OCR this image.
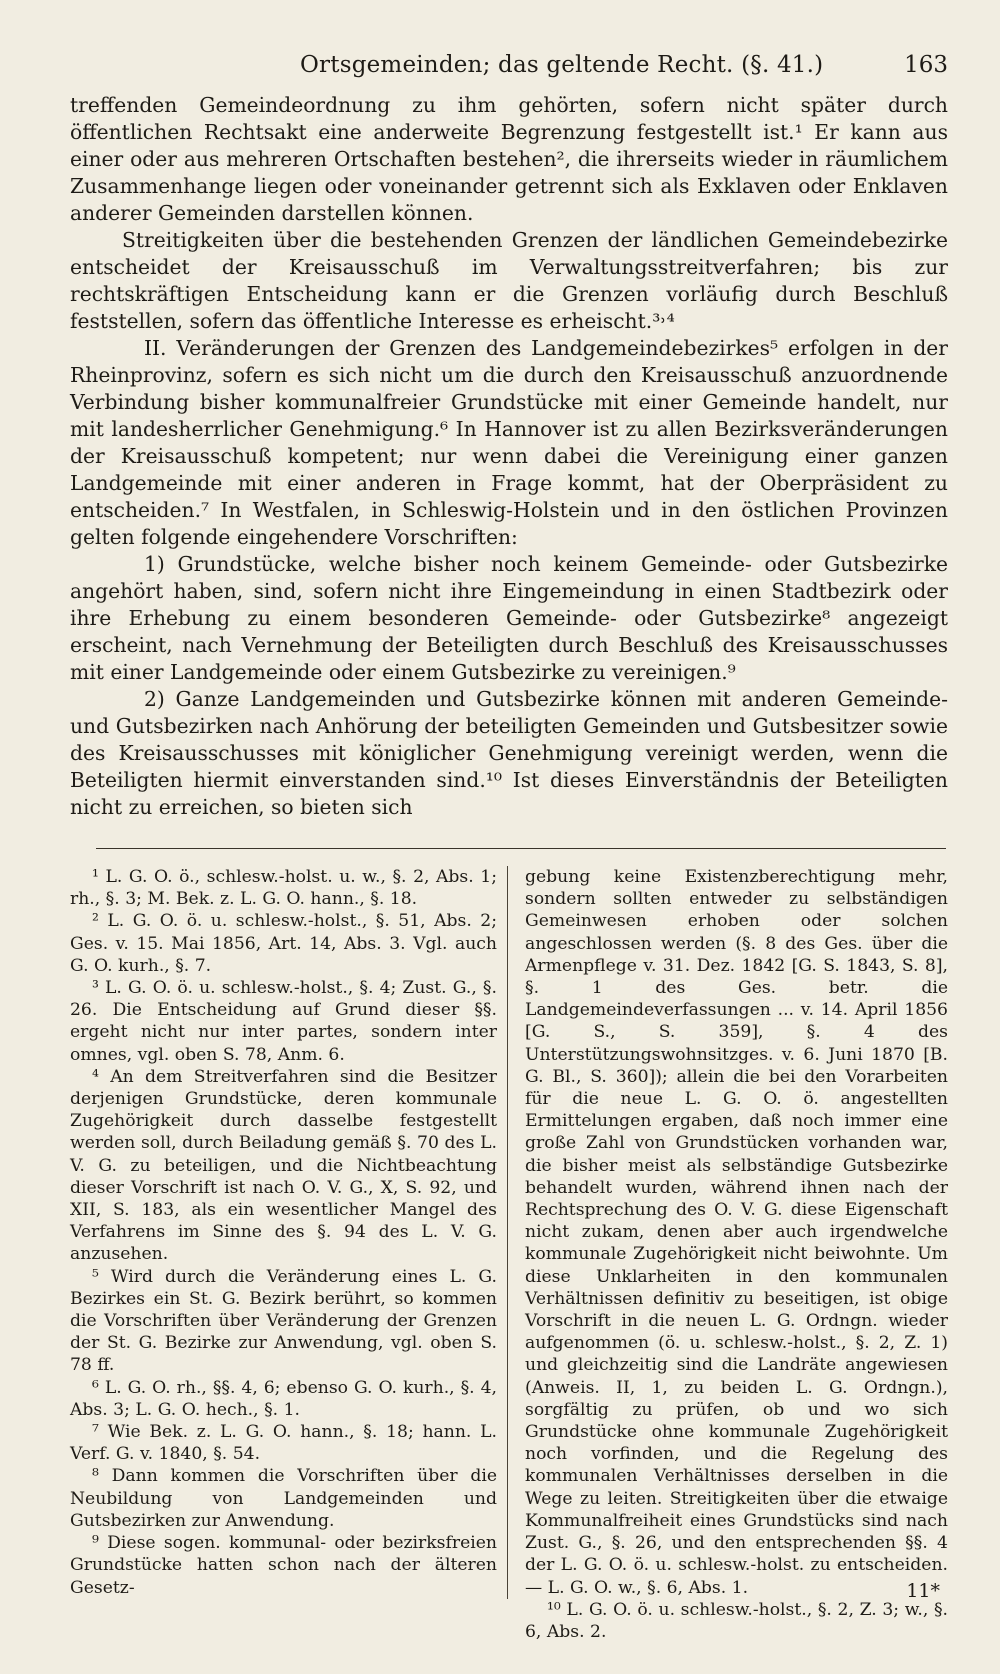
Ortsgemeinden; das geltende Recht. (§. 41.)	163

treffenden Gemeindeordnung zu ihm gehörten, sofern nicht später durch öffentlichen Rechtsakt eine anderweite Begrenzung festgestellt ist.¹ Er kann aus einer oder aus mehreren Ortschaften bestehen², die ihrerseits wieder in räumlichem Zusammenhange liegen oder voneinander getrennt sich als Exklaven oder Enklaven anderer Gemeinden darstellen können.

Streitigkeiten über die bestehenden Grenzen der ländlichen Gemeindebezirke entscheidet der Kreisausschuß im Verwaltungsstreitverfahren; bis zur rechtskräftigen Entscheidung kann er die Grenzen vorläufig durch Beschluß feststellen, sofern das öffentliche Interesse es erheischt.³˒⁴

II. Veränderungen der Grenzen des Landgemeindebezirkes⁵ erfolgen in der Rheinprovinz, sofern es sich nicht um die durch den Kreisausschuß anzuordnende Verbindung bisher kommunalfreier Grundstücke mit einer Gemeinde handelt, nur mit landesherrlicher Genehmigung.⁶ In Hannover ist zu allen Bezirksveränderungen der Kreisausschuß kompetent; nur wenn dabei die Vereinigung einer ganzen Landgemeinde mit einer anderen in Frage kommt, hat der Oberpräsident zu entscheiden.⁷ In Westfalen, in Schleswig-Holstein und in den östlichen Provinzen gelten folgende eingehendere Vorschriften:

1) Grundstücke, welche bisher noch keinem Gemeinde- oder Gutsbezirke angehört haben, sind, sofern nicht ihre Eingemeindung in einen Stadtbezirk oder ihre Erhebung zu einem besonderen Gemeinde- oder Gutsbezirke⁸ angezeigt erscheint, nach Vernehmung der Beteiligten durch Beschluß des Kreisausschusses mit einer Landgemeinde oder einem Gutsbezirke zu vereinigen.⁹

2) Ganze Landgemeinden und Gutsbezirke können mit anderen Gemeinde- und Gutsbezirken nach Anhörung der beteiligten Gemeinden und Gutsbesitzer sowie des Kreisausschusses mit königlicher Genehmigung vereinigt werden, wenn die Beteiligten hiermit einverstanden sind.¹⁰ Ist dieses Einverständnis der Beteiligten nicht zu erreichen, so bieten sich

¹ L. G. O. ö., schlesw.-holst. u. w., §. 2, Abs. 1; rh., §. 3; M. Bek. z. L. G. O. hann., §. 18.

² L. G. O. ö. u. schlesw.-holst., §. 51, Abs. 2; Ges. v. 15. Mai 1856, Art. 14, Abs. 3. Vgl. auch G. O. kurh., §. 7.

³ L. G. O. ö. u. schlesw.-holst., §. 4; Zust. G., §. 26. Die Entscheidung auf Grund dieser §§. ergeht nicht nur inter partes, sondern inter omnes, vgl. oben S. 78, Anm. 6.

⁴ An dem Streitverfahren sind die Besitzer derjenigen Grundstücke, deren kommunale Zugehörigkeit durch dasselbe festgestellt werden soll, durch Beiladung gemäß §. 70 des L. V. G. zu beteiligen, und die Nichtbeachtung dieser Vorschrift ist nach O. V. G., X, S. 92, und XII, S. 183, als ein wesentlicher Mangel des Verfahrens im Sinne des §. 94 des L. V. G. anzusehen.

⁵ Wird durch die Veränderung eines L. G. Bezirkes ein St. G. Bezirk berührt, so kommen die Vorschriften über Veränderung der Grenzen der St. G. Bezirke zur Anwendung, vgl. oben S. 78 ff.

⁶ L. G. O. rh., §§. 4, 6; ebenso G. O. kurh., §. 4, Abs. 3; L. G. O. hech., §. 1.

⁷ Wie Bek. z. L. G. O. hann., §. 18; hann. L. Verf. G. v. 1840, §. 54.

⁸ Dann kommen die Vorschriften über die Neubildung von Landgemeinden und Gutsbezirken zur Anwendung.

⁹ Diese sogen. kommunal- oder bezirksfreien Grundstücke hatten schon nach der älteren Gesetz-

gebung keine Existenzberechtigung mehr, sondern sollten entweder zu selbständigen Gemeinwesen erhoben oder solchen angeschlossen werden (§. 8 des Ges. über die Armenpflege v. 31. Dez. 1842 [G. S. 1843, S. 8], §. 1 des Ges. betr. die Landgemeindeverfassungen ... v. 14. April 1856 [G. S., S. 359], §. 4 des Unterstützungswohnsitzges. v. 6. Juni 1870 [B. G. Bl., S. 360]); allein die bei den Vorarbeiten für die neue L. G. O. ö. angestellten Ermittelungen ergaben, daß noch immer eine große Zahl von Grundstücken vorhanden war, die bisher meist als selbständige Gutsbezirke behandelt wurden, während ihnen nach der Rechtsprechung des O. V. G. diese Eigenschaft nicht zukam, denen aber auch irgendwelche kommunale Zugehörigkeit nicht beiwohnte. Um diese Unklarheiten in den kommunalen Verhältnissen definitiv zu beseitigen, ist obige Vorschrift in die neuen L. G. Ordngn. wieder aufgenommen (ö. u. schlesw.-holst., §. 2, Z. 1) und gleichzeitig sind die Landräte angewiesen (Anweis. II, 1, zu beiden L. G. Ordngn.), sorgfältig zu prüfen, ob und wo sich Grundstücke ohne kommunale Zugehörigkeit noch vorfinden, und die Regelung des kommunalen Verhältnisses derselben in die Wege zu leiten. Streitigkeiten über die etwaige Kommunalfreiheit eines Grundstücks sind nach Zust. G., §. 26, und den entsprechenden §§. 4 der L. G. O. ö. u. schlesw.-holst. zu entscheiden. — L. G. O. w., §. 6, Abs. 1.

¹⁰ L. G. O. ö. u. schlesw.-holst., §. 2, Z. 3; w., §. 6, Abs. 2.

11*
